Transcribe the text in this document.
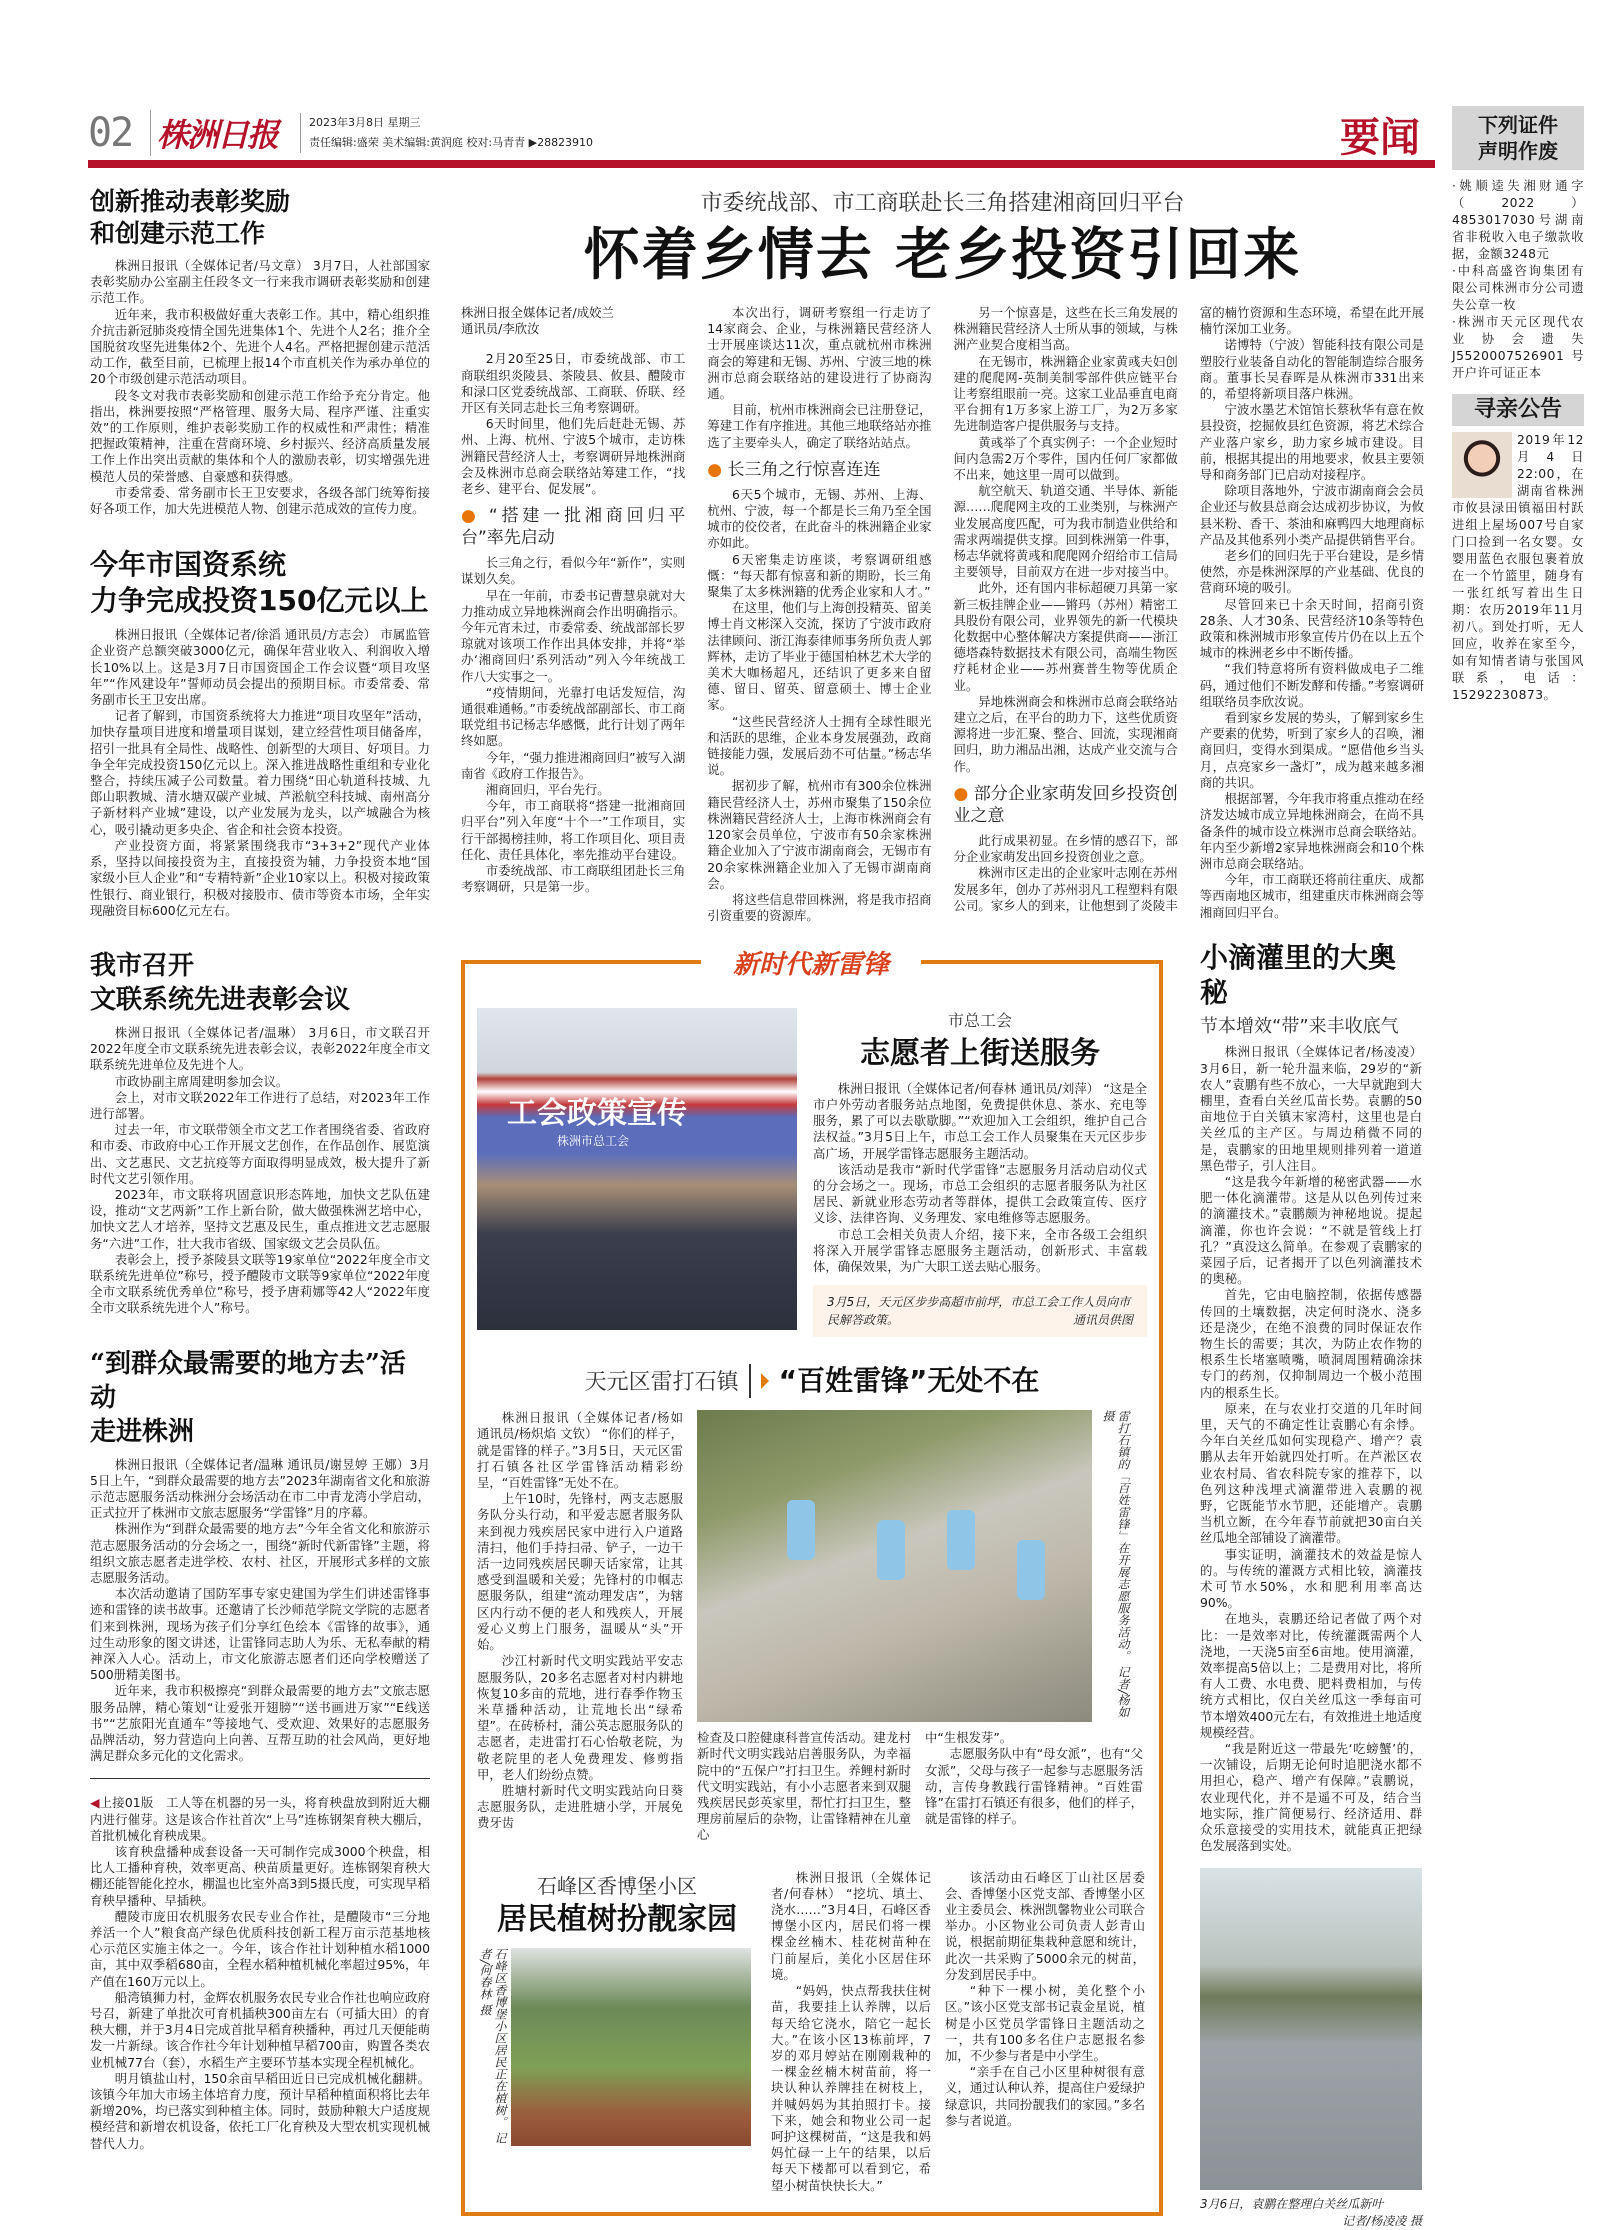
02 株洲日报	2023年3月8日 星期三
责任编辑:盛荣 美术编辑:黄润庭 校对:马青青 ▶28823910	要闻	下列证件声明作废

·姚顺逵失湘财通字（2022）4853017030号湖南省非税收入电子缴款收据，金额3248元

·中科高盛咨询集团有限公司株洲市分公司遗失公章一枚

·株洲市天元区现代农业协会遗失J5520007526901号开户许可证正本

寻亲公告

2019年12月4日22:00，在湖南省株洲市攸县渌田镇福田村跃进组上屋场007号自家门口捡到一名女婴。女婴用蓝色衣服包裹着放在一个竹篮里，随身有一张红纸写着出生日期：农历2019年11月初八。到处打听，无人回应，收养在家至今，如有知情者请与张国风联系，电话：15292230873。

创新推动表彰奖励
和创建示范工作

株洲日报讯（全媒体记者/马文章） 3月7日，人社部国家表彰奖励办公室副主任段冬文一行来我市调研表彰奖励和创建示范工作。

近年来，我市积极做好重大表彰工作。其中，精心组织推介抗击新冠肺炎疫情全国先进集体1个、先进个人2名；推介全国脱贫攻坚先进集体2个、先进个人4名。严格把握创建示范活动工作，截至目前，已梳理上报14个市直机关作为承办单位的20个市级创建示范活动项目。

段冬文对我市表彰奖励和创建示范工作给予充分肯定。他指出，株洲要按照“严格管理、服务大局、程序严谨、注重实效”的工作原则，维护表彰奖励工作的权威性和严肃性；精准把握政策精神，注重在营商环境、乡村振兴、经济高质量发展工作上作出突出贡献的集体和个人的激励表彰，切实增强先进模范人员的荣誉感、自豪感和获得感。

市委常委、常务副市长王卫安要求，各级各部门统筹衔接好各项工作，加大先进模范人物、创建示范成效的宣传力度。

今年市国资系统
力争完成投资150亿元以上

株洲日报讯（全媒体记者/徐滔 通讯员/方志会） 市属监管企业资产总额突破3000亿元，确保年营业收入、利润收入增长10%以上。这是3月7日市国资国企工作会议暨“项目攻坚年”“作风建设年”誓师动员会提出的预期目标。市委常委、常务副市长王卫安出席。

记者了解到，市国资系统将大力推进“项目攻坚年”活动，加快存量项目进度和增量项目谋划，建立经营性项目储备库，招引一批具有全局性、战略性、创新型的大项目、好项目。力争全年完成投资150亿元以上。深入推进战略性重组和专业化整合，持续压减子公司数量。着力围绕“田心轨道科技城、九郎山职教城、清水塘双碳产业城、芦淞航空科技城、南州高分子新材料产业城”建设，以产业发展为龙头，以产城融合为核心，吸引撬动更多央企、省企和社会资本投资。

产业投资方面，将紧紧围绕我市“3+3+2”现代产业体系，坚持以间接投资为主，直接投资为辅，力争投资本地“国家级小巨人企业”和“专精特新”企业10家以上。积极对接政策性银行、商业银行，积极对接股市、债市等资本市场，全年实现融资目标600亿元左右。

我市召开
文联系统先进表彰会议

株洲日报讯（全媒体记者/温琳） 3月6日，市文联召开2022年度全市文联系统先进表彰会议，表彰2022年度全市文联系统先进单位及先进个人。

市政协副主席周建明参加会议。

会上，对市文联2022年工作进行了总结，对2023年工作进行部署。

过去一年，市文联带领全市文艺工作者围绕省委、省政府和市委、市政府中心工作开展文艺创作，在作品创作、展览演出、文艺惠民、文艺抗疫等方面取得明显成效，极大提升了新时代文艺引领作用。

2023年，市文联将巩固意识形态阵地，加快文艺队伍建设，推动“文艺两新”工作上新台阶，做大做强株洲艺培中心，加快文艺人才培养，坚持文艺惠及民生，重点推进文艺志愿服务“六进”工作，壮大我市省级、国家级文艺会员队伍。

表彰会上，授予茶陵县文联等19家单位“2022年度全市文联系统先进单位”称号，授予醴陵市文联等9家单位“2022年度全市文联系统优秀单位”称号，授予唐莉娜等42人“2022年度全市文联系统先进个人”称号。

“到群众最需要的地方去”活动
走进株洲

株洲日报讯（全媒体记者/温琳 通讯员/谢昱婷 王娜）3月5日上午，“到群众最需要的地方去”2023年湖南省文化和旅游示范志愿服务活动株洲分会场活动在市二中青龙湾小学启动，正式拉开了株洲市文旅志愿服务“学雷锋”月的序幕。

株洲作为“到群众最需要的地方去”今年全省文化和旅游示范志愿服务活动的分会场之一，围绕“新时代新雷锋”主题，将组织文旅志愿者走进学校、农村、社区，开展形式多样的文旅志愿服务活动。

本次活动邀请了国防军事专家史建国为学生们讲述雷锋事迹和雷锋的读书故事。还邀请了长沙师范学院文学院的志愿者们来到株洲，现场为孩子们分享红色绘本《雷锋的故事》，通过生动形象的图文讲述，让雷锋同志助人为乐、无私奉献的精神深入人心。活动上，市文化旅游志愿者们还向学校赠送了500册精美图书。

近年来，我市积极擦亮“到群众最需要的地方去”文旅志愿服务品牌，精心策划“让爱张开翅膀”“送书画进万家”“E线送书”“艺旅阳光直通车”等接地气、受欢迎、效果好的志愿服务品牌活动，努力营造向上向善、互帮互助的社会风尚，更好地满足群众多元化的文化需求。

◀上接01版　 工人等在机器的另一头，将育秧盘放到附近大棚内进行催芽。这是该合作社首次“上马”连栋钢架育秧大棚后，首批机械化育秧成果。

该育秧盘播种成套设备一天可制作完成3000个秧盘，相比人工播种育秧，效率更高、秧苗质量更好。连栋钢架育秧大棚还能智能化控水，棚温也比室外高3到5摄氏度，可实现早稻育秧早播种、早插秧。

醴陵市庞田农机服务农民专业合作社，是醴陵市“三分地养活一个人”粮食高产绿色优质科技创新工程万亩示范基地核心示范区实施主体之一。今年，该合作社计划种植水稻1000亩，其中双季稻680亩，全程水稻种植机械化率超过95%，年产值在160万元以上。

船湾镇狮力村，金辉农机服务农民专业合作社也响应政府号召，新建了单批次可育机插秧300亩左右（可插大田）的育秧大棚，并于3月4日完成首批早稻育秧播种，再过几天便能萌发一片新绿。该合作社今年计划种植早稻700亩，购置各类农业机械77台（套），水稻生产主要环节基本实现全程机械化。

明月镇盐山村，150余亩早稻田近日已完成机械化翻耕。该镇今年加大市场主体培育力度，预计早稻种植面积将比去年新增20%，均已落实到种植主体。同时，鼓励种粮大户适度规模经营和新增农机设备，依托工厂化育秧及大型农机实现机械替代人力。

市委统战部、市工商联赴长三角搭建湘商回归平台
怀着乡情去 老乡投资引回来

株洲日报全媒体记者/成姣兰
通讯员/李欣汝

2月20至25日，市委统战部、市工商联组织炎陵县、茶陵县、攸县、醴陵市和渌口区党委统战部、工商联、侨联、经开区有关同志赴长三角考察调研。

6天时间里，他们先后赶赴无锡、苏州、上海、杭州、宁波5个城市，走访株洲籍民营经济人士，考察调研异地株洲商会及株洲市总商会联络站筹建工作，“找老乡、建平台、促发展”。

● “搭建一批湘商回归平台”率先启动

长三角之行，看似今年“新作”，实则谋划久矣。

早在一年前，市委书记曹慧泉就对大力推动成立异地株洲商会作出明确指示。今年元宵未过，市委常委、统战部部长罗琼就对该项工作作出具体安排，并将“举办‘湘商回归’系列活动”列入今年统战工作八大实事之一。

“疫情期间，光靠打电话发短信，沟通很难通畅。”市委统战部副部长、市工商联党组书记杨志华感慨，此行计划了两年终如愿。

今年，“强力推进湘商回归”被写入湖南省《政府工作报告》。

湘商回归，平台先行。

今年，市工商联将“搭建一批湘商回归平台”列入年度“十个一”工作项目，实行干部揭榜挂帅，将工作项目化、项目责任化、责任具体化，率先推动平台建设。

市委统战部、市工商联组团赴长三角考察调研，只是第一步。

本次出行，调研考察组一行走访了14家商会、企业，与株洲籍民营经济人士开展座谈达11次，重点就杭州市株洲商会的筹建和无锡、苏州、宁波三地的株洲市总商会联络站的建设进行了协商沟通。

目前，杭州市株洲商会已注册登记，筹建工作有序推进。其他三地联络站亦推选了主要牵头人，确定了联络站站点。

● 长三角之行惊喜连连

6天5个城市，无锡、苏州、上海、杭州、宁波，每一个都是长三角乃至全国城市的佼佼者，在此奋斗的株洲籍企业家亦如此。

6天密集走访座谈，考察调研组感慨：“每天都有惊喜和新的期盼，长三角聚集了太多株洲籍的优秀企业家和人才。”

在这里，他们与上海创投精英、留美博士肖文彬深入交流，探访了宁波市政府法律顾问、浙江海泰律师事务所负责人郭辉林，走访了毕业于德国柏林艺术大学的美术大咖杨超凡，还结识了更多来自留德、留日、留英、留意硕士、博士企业家。

“这些民营经济人士拥有全球性眼光和活跃的思维，企业本身发展强劲，政商链接能力强，发展后劲不可估量。”杨志华说。

据初步了解，杭州市有300余位株洲籍民营经济人士，苏州市聚集了150余位株洲籍民营经济人士，上海市株洲商会有120家会员单位，宁波市有50余家株洲籍企业加入了宁波市湖南商会，无锡市有20余家株洲籍企业加入了无锡市湖南商会。

将这些信息带回株洲，将是我市招商引资重要的资源库。

另一个惊喜是，这些在长三角发展的株洲籍民营经济人士所从事的领域，与株洲产业契合度相当高。

在无锡市，株洲籍企业家黄彧夫妇创建的爬爬网-英制美制零部件供应链平台让考察组眼前一亮。这家工业品垂直电商平台拥有1万多家上游工厂，为2万多家先进制造客户提供服务与支持。

黄彧举了个真实例子：一个企业短时间内急需2万个零件，国内任何厂家都做不出来，她这里一周可以做到。

航空航天、轨道交通、半导体、新能源……爬爬网主攻的工业类别，与株洲产业发展高度匹配，可为我市制造业供给和需求两端提供支撑。回到株洲第一件事，杨志华就将黄彧和爬爬网介绍给市工信局主要领导，目前双方在进一步对接当中。

此外，还有国内非标超硬刀具第一家新三板挂牌企业——锵玛（苏州）精密工具股份有限公司，业界领先的新一代模块化数据中心整体解决方案提供商——浙江德塔森特数据技术有限公司，高端生物医疗耗材企业——苏州赛普生物等优质企业。

异地株洲商会和株洲市总商会联络站建立之后，在平台的助力下，这些优质资源将进一步汇聚、整合、回流，实现湘商回归，助力湘品出湘，达成产业交流与合作。

● 部分企业家萌发回乡投资创业之意

此行成果初显。在乡情的感召下，部分企业家萌发出回乡投资创业之意。

株洲市区走出的企业家叶志刚在苏州发展多年，创办了苏州羽凡工程塑料有限公司。家乡人的到来，让他想到了炎陵丰富的楠竹资源和生态环境，希望在此开展楠竹深加工业务。

诺博特（宁波）智能科技有限公司是塑胶行业装备自动化的智能制造综合服务商。董事长吴春晖是从株洲市331出来的，希望将新项目落户株洲。

宁波水墨艺术馆馆长蔡秋华有意在攸县投资，挖掘攸县红色资源，将艺术综合产业落户家乡，助力家乡城市建设。目前，根据其提出的用地要求，攸县主要领导和商务部门已启动对接程序。

除项目落地外，宁波市湖南商会会员企业还与攸县总商会达成初步协议，为攸县米粉、香干、茶油和麻鸭四大地理商标产品及其他系列小类产品提供销售平台。

老乡们的回归先于平台建设，是乡情使然，亦是株洲深厚的产业基础、优良的营商环境的吸引。

尽管回来已十余天时间，招商引资28条、人才30条、民营经济10条等特色政策和株洲城市形象宣传片仍在以上五个城市的株洲老乡中不断传播。

“我们特意将所有资料做成电子二维码，通过他们不断发酵和传播。”考察调研组联络员李欣汝说。

看到家乡发展的势头，了解到家乡生产要素的优势，听到了家乡人的召唤，湘商回归，变得水到渠成。“愿借他乡当头月，点亮家乡一盏灯”，成为越来越多湘商的共识。

根据部署，今年我市将重点推动在经济发达城市成立异地株洲商会，在尚不具备条件的城市设立株洲市总商会联络站。年内至少新增2家异地株洲商会和10个株洲市总商会联络站。

今年，市工商联还将前往重庆、成都等西南地区城市，组建重庆市株洲商会等湘商回归平台。

新时代新雷锋
工会政策宣传
株洲市总工会
市总工会
志愿者上街送服务

株洲日报讯（全媒体记者/何春林 通讯员/刘萍） “这是全市户外劳动者服务站点地图，免费提供休息、茶水、充电等服务，累了可以去歇歇脚。”“欢迎加入工会组织，维护自己合法权益。”3月5日上午，市总工会工作人员聚集在天元区步步高广场，开展学雷锋志愿服务主题活动。

该活动是我市“新时代学雷锋”志愿服务月活动启动仪式的分会场之一。现场，市总工会组织的志愿者服务队为社区居民、新就业形态劳动者等群体，提供工会政策宣传、医疗义诊、法律咨询、义务理发、家电维修等志愿服务。

市总工会相关负责人介绍，接下来，全市各级工会组织将深入开展学雷锋志愿服务主题活动，创新形式、丰富载体，确保效果，为广大职工送去贴心服务。

3月5日，天元区步步高超市前坪，市总工会工作人员向市民解答政策。	通讯员供图
天元区雷打石镇 “百姓雷锋”无处不在

株洲日报讯（全媒体记者/杨如 通讯员/杨炽焰 文钦） “你们的样子，就是雷锋的样子。”3月5日，天元区雷打石镇各社区学雷锋活动精彩纷呈，“百姓雷锋”无处不在。

上午10时，先锋村，两支志愿服务队分头行动，和平爱志愿者服务队来到视力残疾居民家中进行入户道路清扫，他们手持扫帚、铲子，一边干活一边同残疾居民聊天话家常，让其感受到温暖和关爱；先锋村的巾帼志愿服务队，组建“流动理发店”，为辖区内行动不便的老人和残疾人，开展爱心义剪上门服务，温暖从“头”开始。

沙江村新时代文明实践站平安志愿服务队，20多名志愿者对村内耕地恢复10多亩的荒地，进行春季作物玉米草播种活动，让荒地长出“绿希望”。在砖桥村，蒲公英志愿服务队的志愿者，走进雷打石心怡敬老院，为敬老院里的老人免费理发、修剪指甲，老人们纷纷点赞。

胜塘村新时代文明实践站向日葵志愿服务队，走进胜塘小学，开展免费牙齿

雷打石镇的「百姓雷锋」在开展志愿服务活动。 记者/杨如 摄

检查及口腔健康科普宣传活动。建龙村新时代文明实践站启善服务队，为幸福院中的“五保户”打扫卫生。养鲤村新时代文明实践站，有小小志愿者来到双腿残疾居民彭英家里，帮忙打扫卫生，整理房前屋后的杂物，让雷锋精神在儿童心

中“生根发芽”。

志愿服务队中有“母女派”，也有“父女派”，父母与孩子一起参与志愿服务活动，言传身教践行雷锋精神。“百姓雷锋”在雷打石镇还有很多，他们的样子，就是雷锋的样子。

石峰区香博堡小区
居民植树扮靓家园
石峰区香博堡小区居民正在植树。 记者/何春林 摄

株洲日报讯（全媒体记者/何春林） “挖坑、填土、浇水……”3月4日，石峰区香博堡小区内，居民们将一棵棵金丝楠木、桂花树苗种在门前屋后，美化小区居住环境。

“妈妈，快点帮我扶住树苗，我要挂上认养牌，以后每天给它浇水，陪它一起长大。”在该小区13栋前坪，7岁的邓月婷站在刚刚栽种的一棵金丝楠木树苗前，将一块认种认养牌挂在树枝上，并喊妈妈为其拍照打卡。接下来，她会和物业公司一起呵护这棵树苗，“这是我和妈妈忙碌一上午的结果，以后每天下楼都可以看到它，希望小树苗快快长大。”

该活动由石峰区丁山社区居委会、香博堡小区党支部、香博堡小区业主委员会、株洲凯馨物业公司联合举办。小区物业公司负责人彭青山说，根据前期征集栽种意愿和统计，此次一共采购了5000余元的树苗，分发到居民手中。

“种下一棵小树，美化整个小区。”该小区党支部书记袁金星说，植树是小区党员学雷锋日主题活动之一，共有100多名住户志愿报名参加，不少参与者是中小学生。

“亲手在自己小区里种树很有意义，通过认种认养，提高住户爱绿护绿意识，共同扮靓我们的家园。”多名参与者说道。

小滴灌里的大奥秘
节本增效“带”来丰收底气

株洲日报讯（全媒体记者/杨凌凌） 3月6日，新一轮升温来临，29岁的“新农人”袁鹏有些不放心，一大早就跑到大棚里，查看白关丝瓜苗长势。袁鹏的50亩地位于白关镇末家湾村，这里也是白关丝瓜的主产区。与周边稍微不同的是，袁鹏家的田地里规则排列着一道道黑色带子，引人注目。

“这是我今年新增的秘密武器——水肥一体化滴灌带。这是从以色列传过来的滴灌技术。”袁鹏颇为神秘地说。提起滴灌，你也许会说：“不就是管线上打孔？”真没这么简单。在参观了袁鹏家的菜园子后，记者揭开了以色列滴灌技术的奥秘。

首先，它由电脑控制，依据传感器传回的土壤数据，决定何时浇水、浇多还是浇少，在绝不浪费的同时保证农作物生长的需要；其次，为防止农作物的根系生长堵塞喷嘴，喷洞周围精确涂抹专门的药剂，仅抑制周边一个极小范围内的根系生长。

原来，在与农业打交道的几年时间里，天气的不确定性让袁鹏心有余悸。今年白关丝瓜如何实现稳产、增产？袁鹏从去年开始就四处打听。在芦淞区农业农村局、省农科院专家的推荐下，以色列这种浅埋式滴灌带进入袁鹏的视野，它既能节水节肥，还能增产。袁鹏当机立断，在今年春节前就把30亩白关丝瓜地全部铺设了滴灌带。

事实证明，滴灌技术的效益是惊人的。与传统的灌溉方式相比较，滴灌技术可节水50%，水和肥利用率高达90%。

在地头，袁鹏还给记者做了两个对比：一是效率对比，传统灌溉需两个人浇地，一天浇5亩至6亩地。使用滴灌，效率提高5倍以上；二是费用对比，将所有人工费、水电费、肥料费相加，与传统方式相比，仅白关丝瓜这一季每亩可节本增效400元左右，有效推进土地适度规模经营。

“我是附近这一带最先‘吃螃蟹’的，一次铺设，后期无论何时追肥浇水都不用担心，稳产、增产有保障。”袁鹏说，农业现代化，并不是遥不可及，结合当地实际，推广简便易行、经济适用、群众乐意接受的实用技术，就能真正把绿色发展落到实处。

3月6日，袁鹏在整理白关丝瓜新叶
记者/杨凌凌 摄
